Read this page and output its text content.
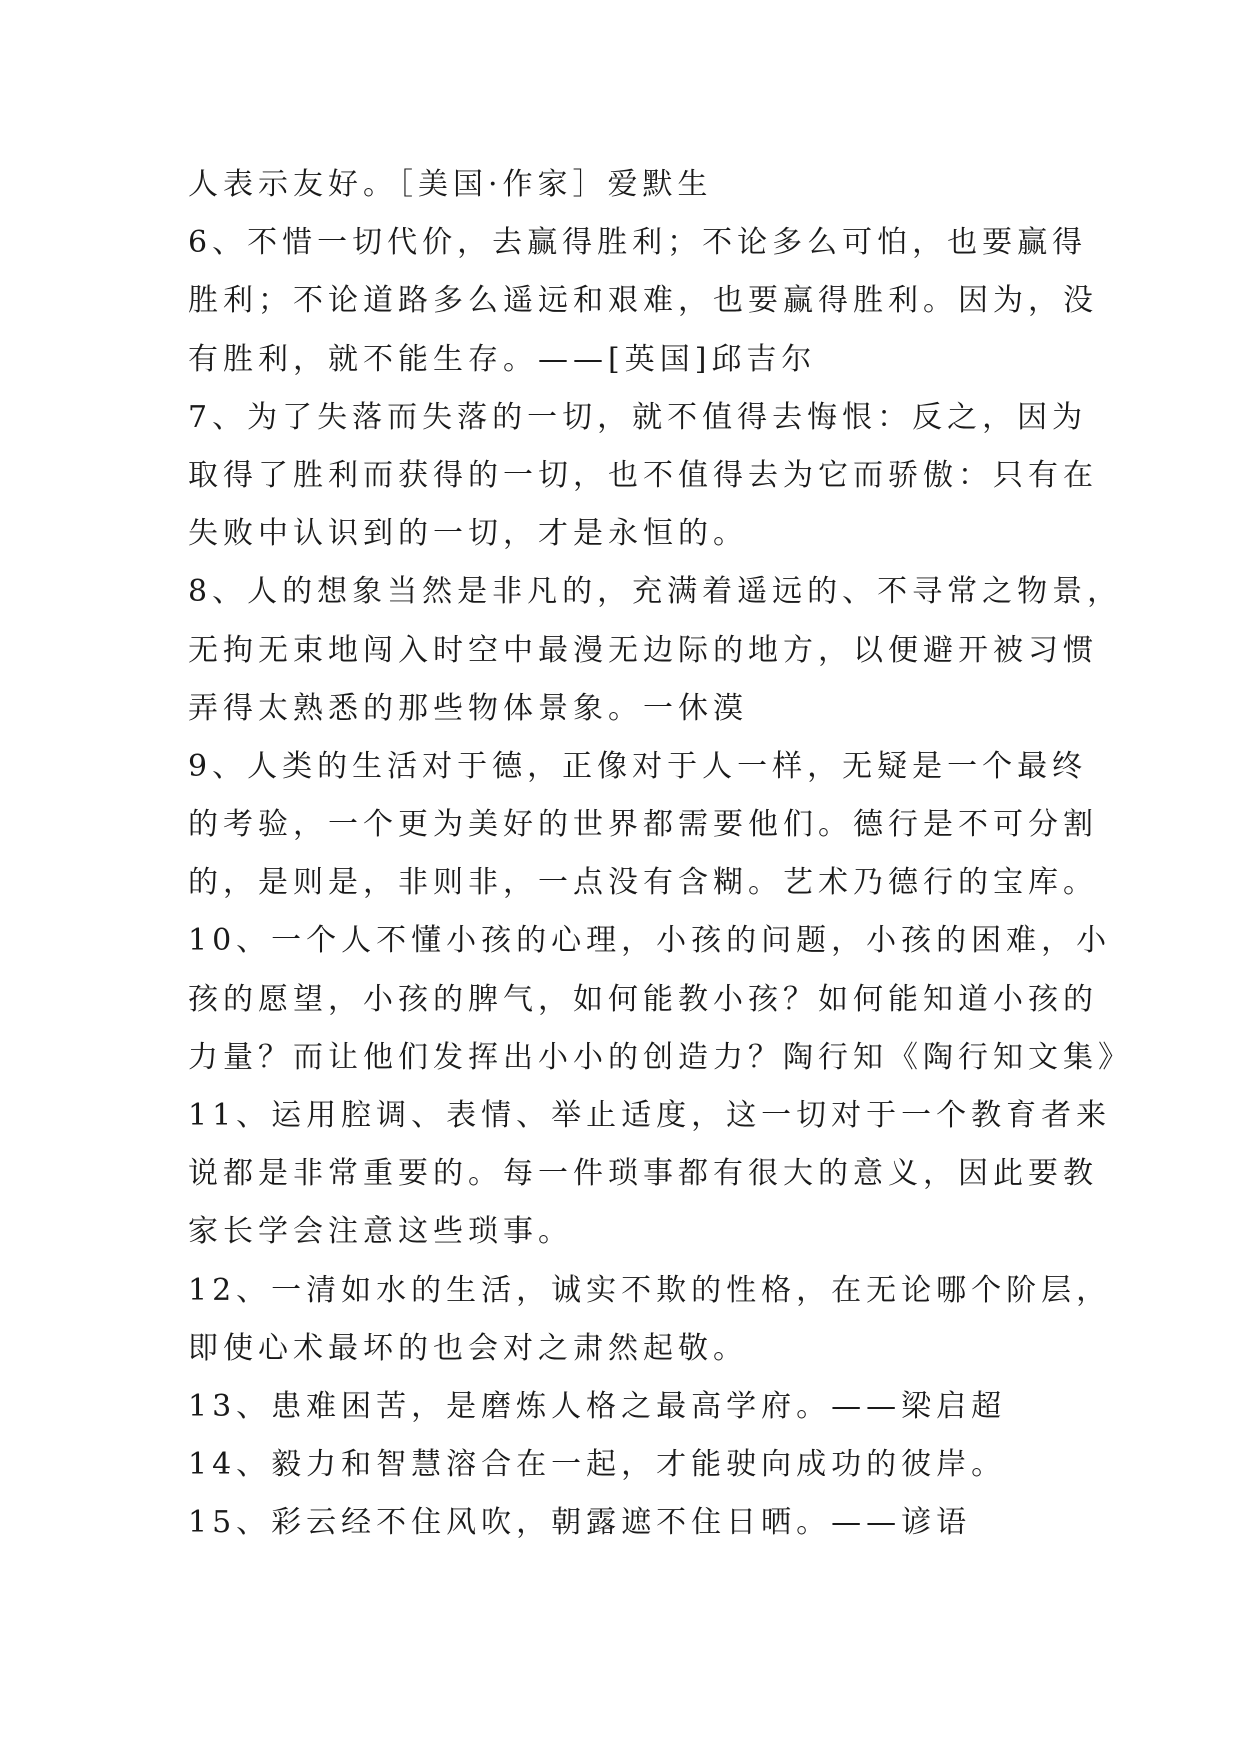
人表示友好。［美国·作家］爱默生
6、不惜一切代价，去赢得胜利；不论多么可怕，也要赢得
胜利；不论道路多么遥远和艰难，也要赢得胜利。因为，没
有胜利，就不能生存。——[英国]邱吉尔
7、为了失落而失落的一切，就不值得去悔恨：反之，因为
取得了胜利而获得的一切，也不值得去为它而骄傲：只有在
失败中认识到的一切，才是永恒的。
8、人的想象当然是非凡的，充满着遥远的、不寻常之物景，
无拘无束地闯入时空中最漫无边际的地方，以便避开被习惯
弄得太熟悉的那些物体景象。一休漠
9、人类的生活对于德，正像对于人一样，无疑是一个最终
的考验，一个更为美好的世界都需要他们。德行是不可分割
的，是则是，非则非，一点没有含糊。艺术乃德行的宝库。
10、一个人不懂小孩的心理，小孩的问题，小孩的困难，小
孩的愿望，小孩的脾气，如何能教小孩？如何能知道小孩的
力量？而让他们发挥出小小的创造力？陶行知《陶行知文集》
11、运用腔调、表情、举止适度，这一切对于一个教育者来
说都是非常重要的。每一件琐事都有很大的意义，因此要教
家长学会注意这些琐事。
12、一清如水的生活，诚实不欺的性格，在无论哪个阶层，
即使心术最坏的也会对之肃然起敬。
13、患难困苦，是磨炼人格之最高学府。——梁启超
14、毅力和智慧溶合在一起，才能驶向成功的彼岸。
15、彩云经不住风吹，朝露遮不住日晒。——谚语
